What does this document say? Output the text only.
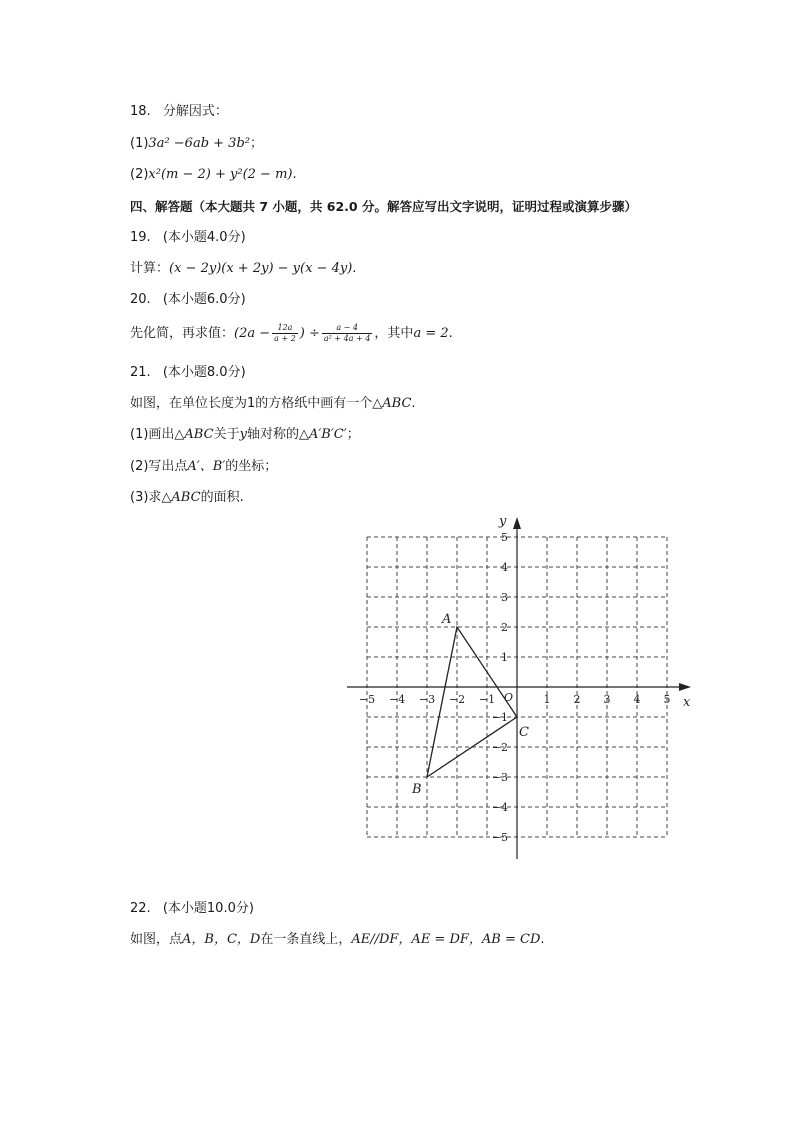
18. 分解因式：
(1)3a² −6ab + 3b²；
(2)x²(m − 2) + y²(2 − m).
四、解答题（本大题共 7 小题，共 62.0 分。解答应写出文字说明，证明过程或演算步骤）
19. (本小题4.0分)
计算：(x − 2y)(x + 2y) − y(x − 4y).
20. (本小题6.0分)
先化简，再求值：($2a - \frac{12a}{a + 2}$ ) ÷ $\frac{a - 4}{\text{a² + 4a + 4}}$ ，其中a = 2.
21. (本小题8.0分)
如图，在单位长度为1的方格纸中画有一个△ABC.
(1)画出△ABC关于y轴对称的△A′B′C′；
(2)写出点A′、B′的坐标；
(3)求△ABC的面积.
x
y
O
−5 −4 −3 −2 −1	1 2 3 4 5
5
4
3
2
1
−1
−2
−3
−4
−5
A
B
C
22. (本小题10.0分)
如图，点A，B，C，D在一条直线上，AE//DF，AE = DF，AB = CD.
